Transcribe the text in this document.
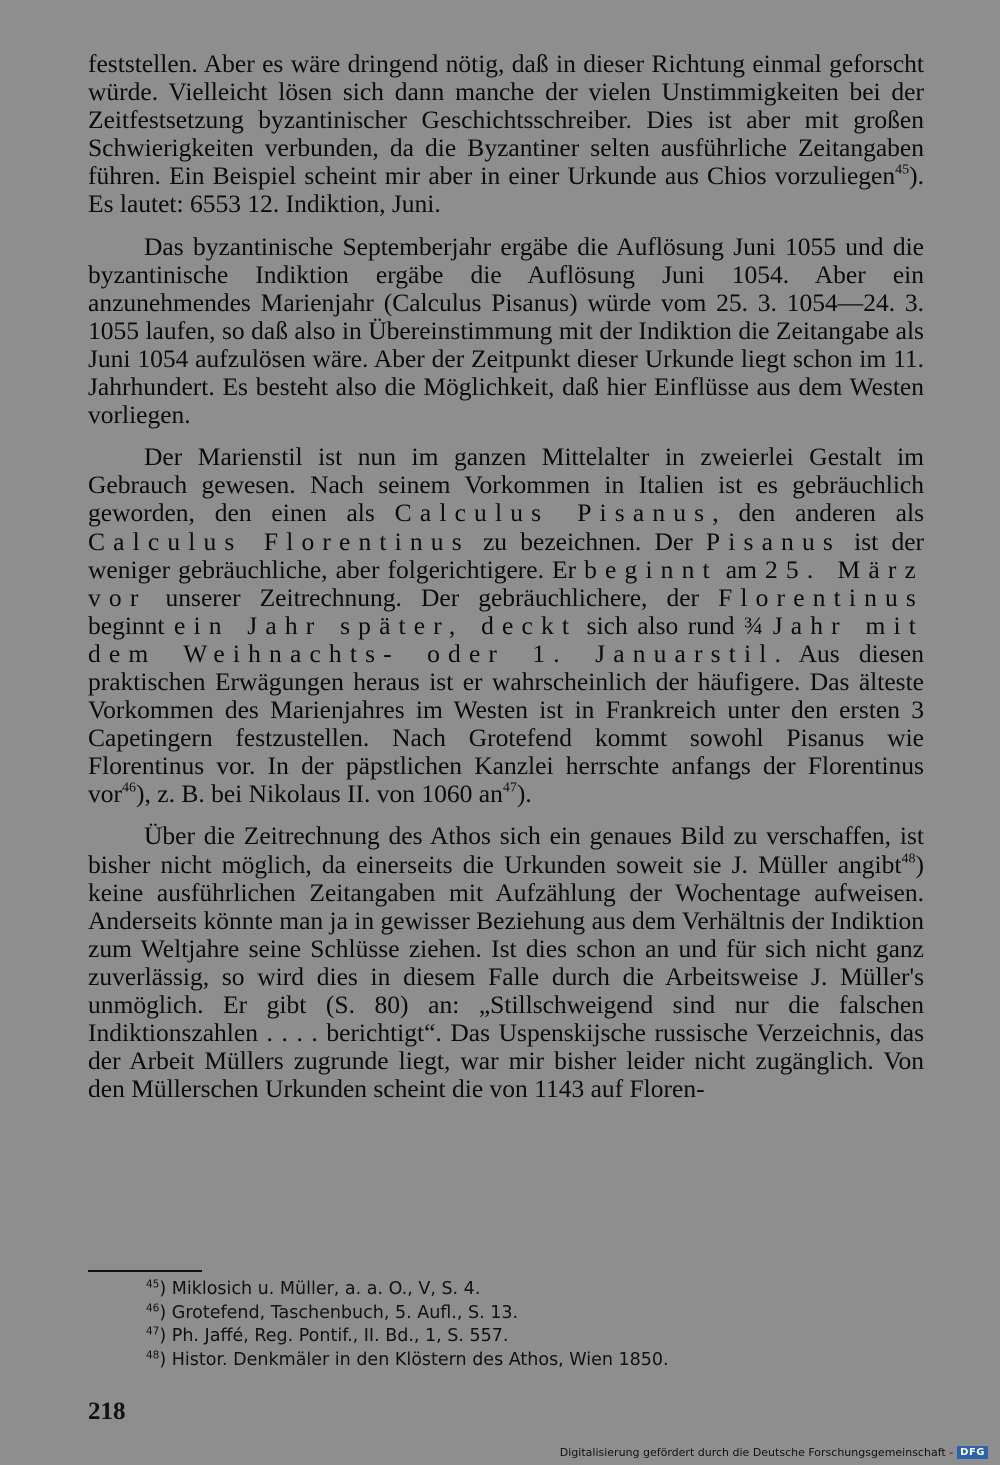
feststellen. Aber es wäre dringend nötig, daß in dieser Richtung einmal geforscht würde. Vielleicht lösen sich dann manche der vielen Unstimmigkeiten bei der Zeitfestsetzung byzantinischer Geschichtsschreiber. Dies ist aber mit großen Schwierigkeiten verbunden, da die Byzantiner selten ausführliche Zeitangaben führen. Ein Beispiel scheint mir aber in einer Urkunde aus Chios vorzuliegen$^{45}$). Es lautet: 6553 12. Indiktion, Juni.

Das byzantinische Septemberjahr ergäbe die Auflösung Juni 1055 und die byzantinische Indiktion ergäbe die Auflösung Juni 1054. Aber ein anzunehmendes Marienjahr (Calculus Pisanus) würde vom 25. 3. 1054—24. 3. 1055 laufen, so daß also in Übereinstimmung mit der Indiktion die Zeitangabe als Juni 1054 aufzulösen wäre. Aber der Zeitpunkt dieser Urkunde liegt schon im 11. Jahrhundert. Es besteht also die Möglichkeit, daß hier Einflüsse aus dem Westen vorliegen.

Der Marienstil ist nun im ganzen Mittelalter in zweierlei Gestalt im Gebrauch gewesen. Nach seinem Vorkommen in Italien ist es gebräuchlich geworden, den einen als Calculus Pisanus, den anderen als Calculus Florentinus zu bezeichnen. Der Pisanus ist der weniger gebräuchliche, aber folgerichtigere. Er beginnt am 25. März vor unserer Zeitrechnung. Der gebräuchlichere, der Florentinus beginnt ein Jahr später, deckt sich also rund ¾ Jahr mit dem Weihnachts- oder 1. Januarstil. Aus diesen praktischen Erwägungen heraus ist er wahrscheinlich der häufigere. Das älteste Vorkommen des Marienjahres im Westen ist in Frankreich unter den ersten 3 Capetingern festzustellen. Nach Grotefend kommt sowohl Pisanus wie Florentinus vor. In der päpstlichen Kanzlei herrschte anfangs der Florentinus vor$^{46}$), z. B. bei Nikolaus II. von 1060 $an^{47}$).

Über die Zeitrechnung des Athos sich ein genaues Bild zu verschaffen, ist bisher nicht möglich, da einerseits die Urkunden soweit sie J. Müller angibt$^{48}$) keine ausführlichen Zeitangaben mit Aufzählung der Wochentage aufweisen. Anderseits könnte man ja in gewisser Beziehung aus dem Verhältnis der Indiktion zum Weltjahre seine Schlüsse ziehen. Ist dies schon an und für sich nicht ganz zuverlässig, so wird dies in diesem Falle durch die Arbeitsweise J. Müller's unmöglich. Er gibt (S. 80) an: „Stillschweigend sind nur die falschen Indiktionszahlen . . . . berichtigt“. Das Uspenskijsche russische Verzeichnis, das der Arbeit Müllers zugrunde liegt, war mir bisher leider nicht zugänglich. Von den Müllerschen Urkunden scheint die von 1143 auf Floren-

$^{45}$) Miklosich u. Müller, a. a. O., V, S. 4.
$^{46}$) Grotefend, Taschenbuch, 5. Aufl., S. 13.
$^{47}$) Ph. Jaffé, Reg. Pontif., II. Bd., 1, S. 557.
$^{48}$) Histor. Denkmäler in den Klöstern des Athos, Wien 1850.
218
Digitalisierung gefördert durch die Deutsche Forschungsgemeinschaft - DFG
